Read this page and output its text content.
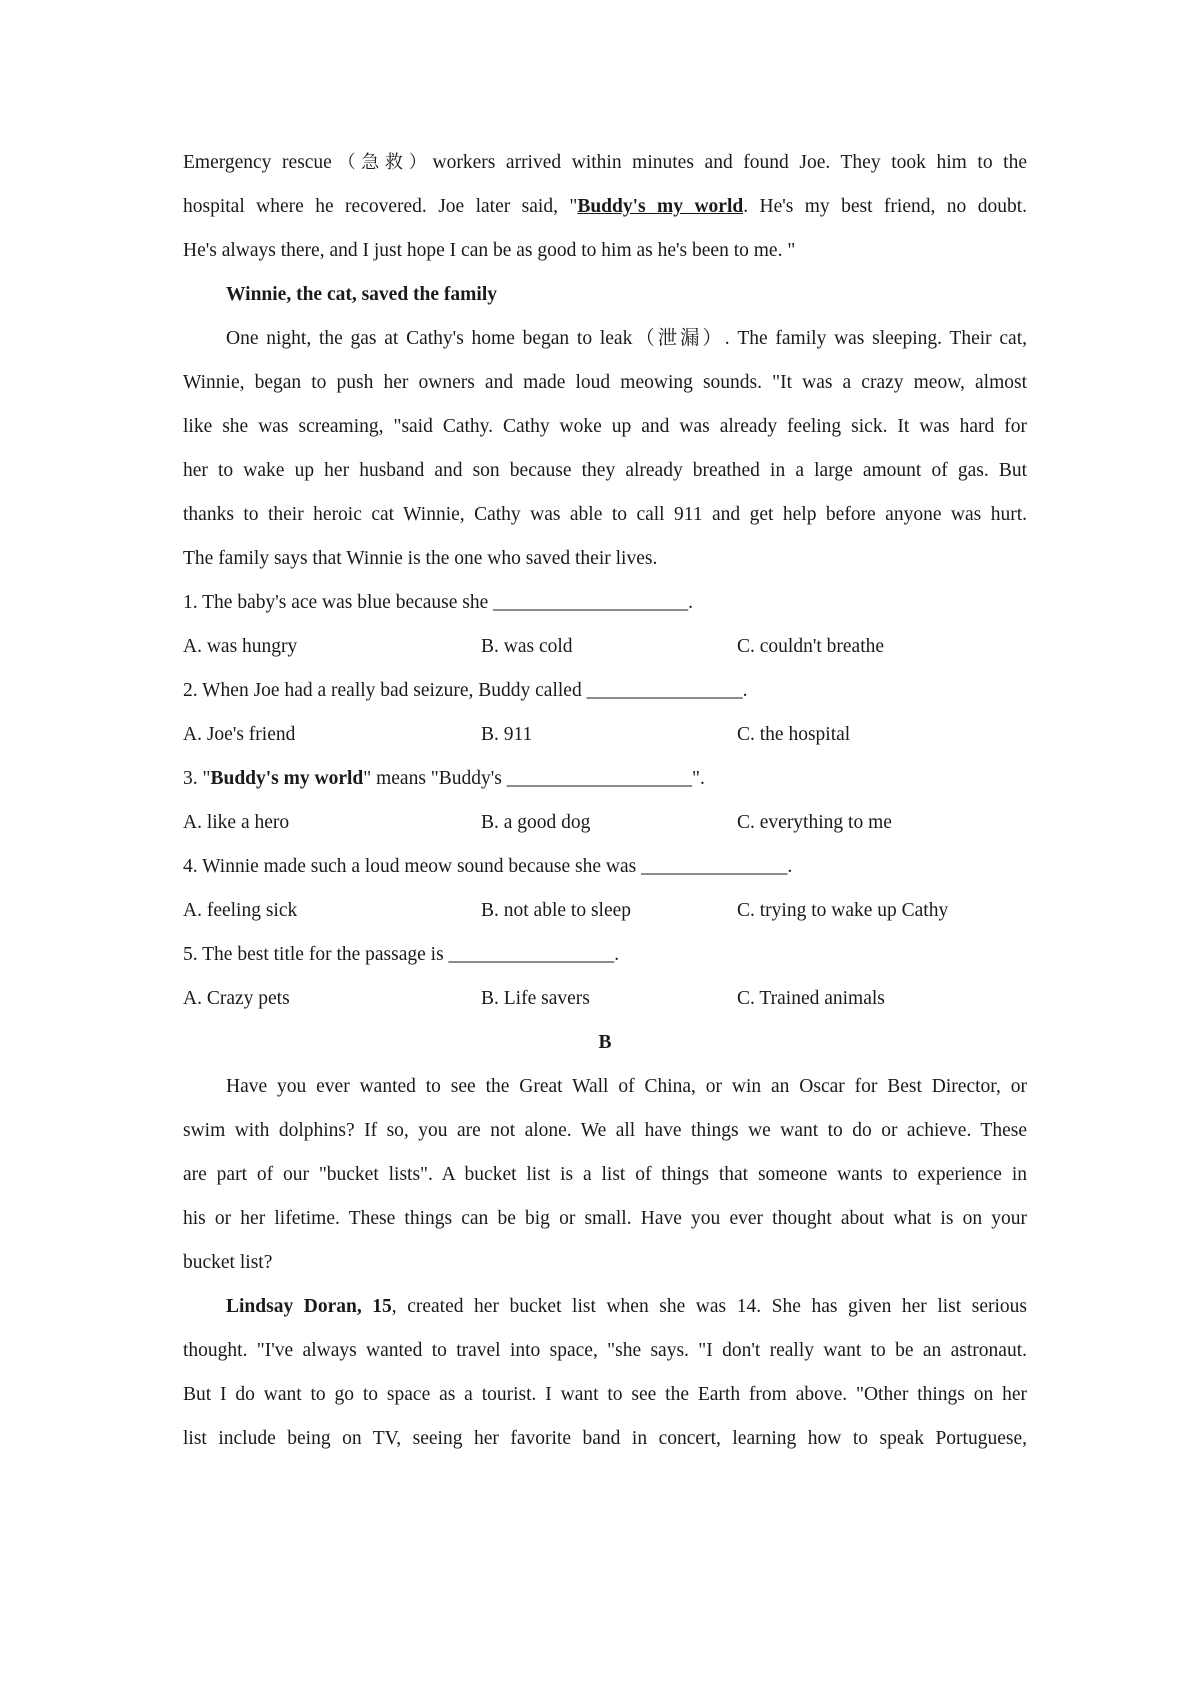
Emergency rescue（急救）workers arrived within minutes and found Joe. They took him to the
hospital where he recovered. Joe later said, "Buddy's my world. He's my best friend, no doubt.
He's always there, and I just hope I can be as good to him as he's been to me. "
Winnie, the cat, saved the family
One night, the gas at Cathy's home began to leak（泄漏）. The family was sleeping. Their cat,
Winnie, began to push her owners and made loud meowing sounds. "It was a crazy meow, almost
like she was screaming, "said Cathy. Cathy woke up and was already feeling sick. It was hard for
her to wake up her husband and son because they already breathed in a large amount of gas. But
thanks to their heroic cat Winnie, Cathy was able to call 911 and get help before anyone was hurt.
The family says that Winnie is the one who saved their lives.
1. The baby's ace was blue because she ____________________.
A. was hungry	B. was cold	C. couldn't breathe
2. When Joe had a really bad seizure, Buddy called ________________.
A. Joe's friend	B. 911	C. the hospital
3. "Buddy's my world" means "Buddy's ___________________".
A. like a hero	B. a good dog	C. everything to me
4. Winnie made such a loud meow sound because she was _______________.
A. feeling sick	B. not able to sleep	C. trying to wake up Cathy
5. The best title for the passage is _________________.
A. Crazy pets	B. Life savers	C. Trained animals
B
Have you ever wanted to see the Great Wall of China, or win an Oscar for Best Director, or
swim with dolphins? If so, you are not alone. We all have things we want to do or achieve. These
are part of our "bucket lists". A bucket list is a list of things that someone wants to experience in
his or her lifetime. These things can be big or small. Have you ever thought about what is on your
bucket list?
Lindsay Doran, 15, created her bucket list when she was 14. She has given her list serious
thought. "I've always wanted to travel into space, "she says. "I don't really want to be an astronaut.
But I do want to go to space as a tourist. I want to see the Earth from above. "Other things on her
list include being on TV, seeing her favorite band in concert, learning how to speak Portuguese,
